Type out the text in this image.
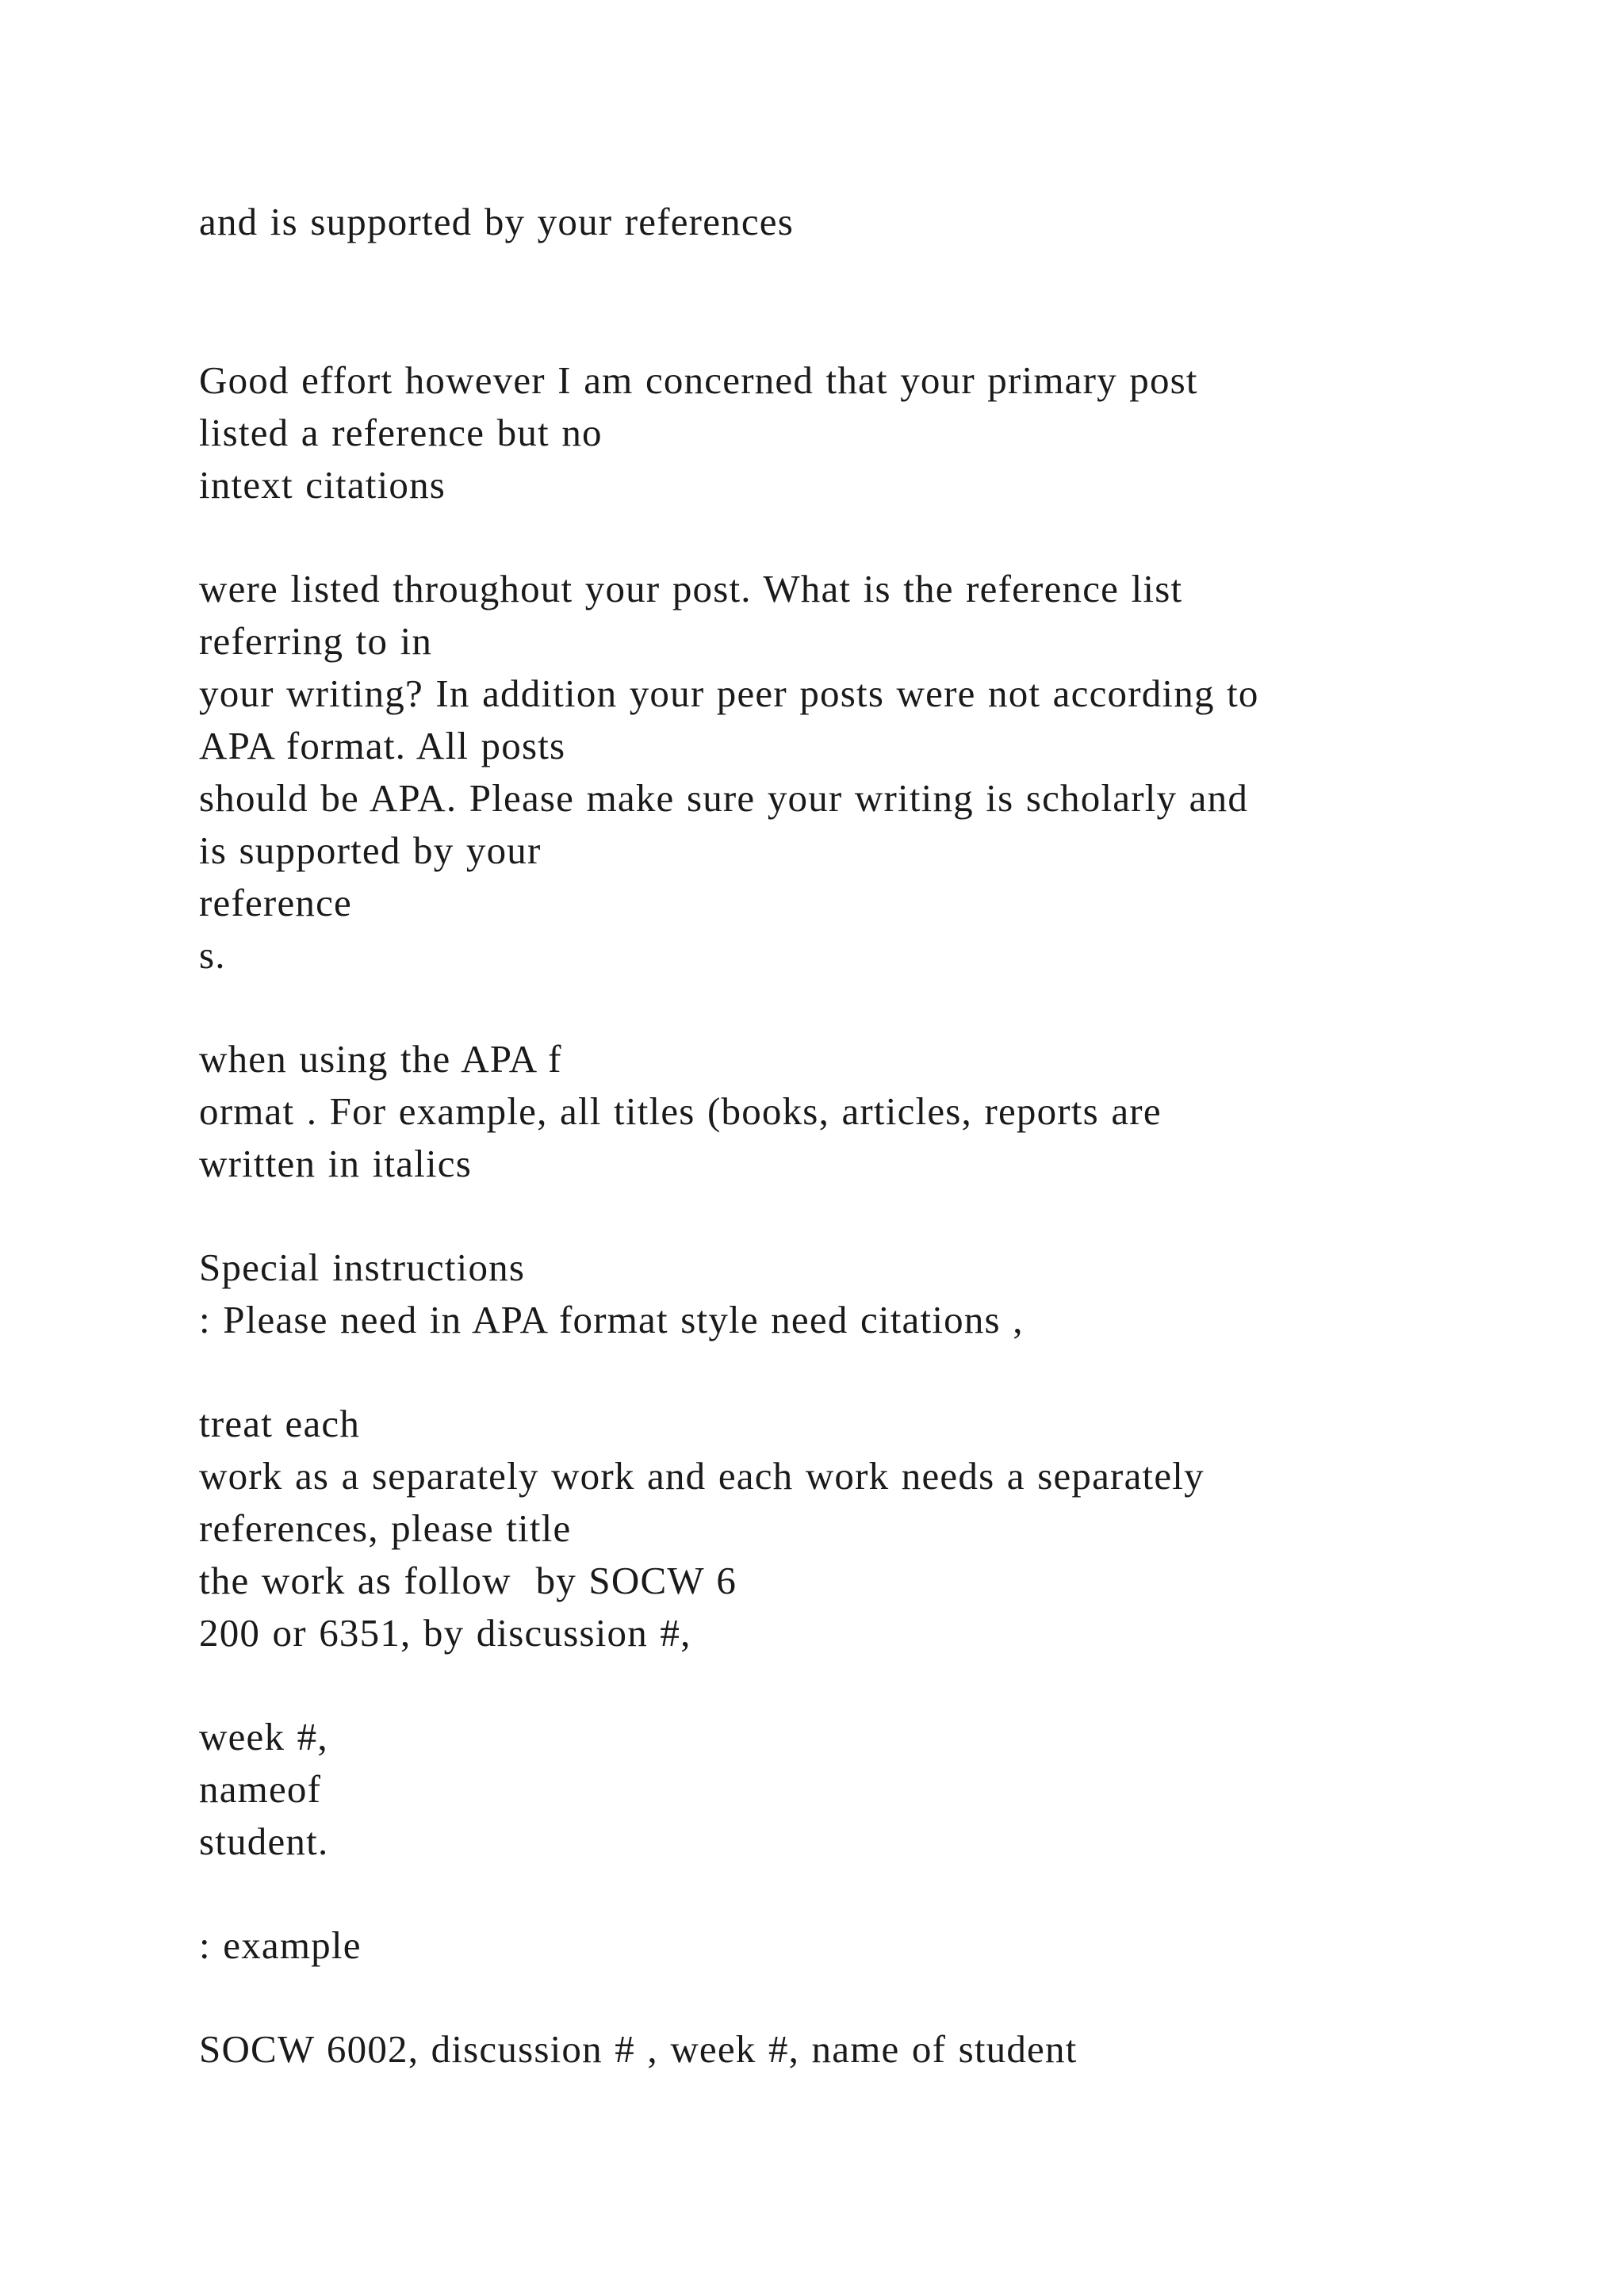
and is supported by your references
Good effort however I am concerned that your primary post
listed a reference but no
intext citations
were listed throughout your post. What is the reference list
referring to in
your writing? In addition your peer posts were not according to
APA format. All posts
should be APA. Please make sure your writing is scholarly and
is supported by your
reference
s.
when using the APA f
ormat . For example, all titles (books, articles, reports are
written in italics
Special instructions
: Please need in APA format style need citations ,
treat each
work as a separately work and each work needs a separately
references, please title
the work as follow  by SOCW 6
200 or 6351, by discussion #,
week #,
nameof
student.
: example
SOCW 6002, discussion # , week #, name of student
